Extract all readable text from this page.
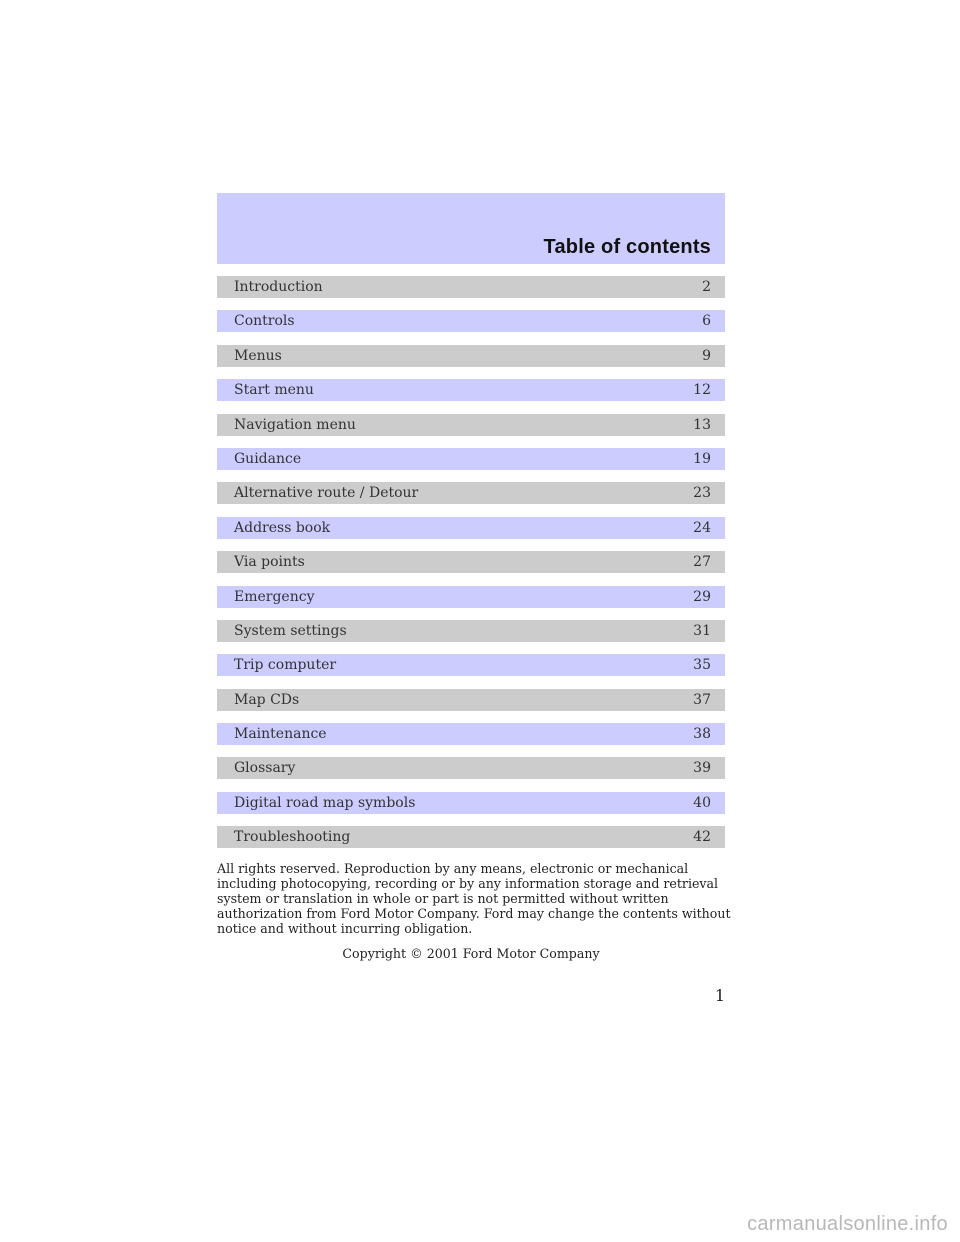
Table of contents
Introduction	2
Controls	6
Menus	9
Start menu	12
Navigation menu	13
Guidance	19
Alternative route / Detour	23
Address book	24
Via points	27
Emergency	29
System settings	31
Trip computer	35
Map CDs	37
Maintenance	38
Glossary	39
Digital road map symbols	40
Troubleshooting	42

All rights reserved. Reproduction by any means, electronic or mechanical including photocopying, recording or by any information storage and retrieval system or translation in whole or part is not permitted without written authorization from Ford Motor Company. Ford may change the contents without notice and without incurring obligation.

Copyright © 2001 Ford Motor Company
1
carmanualsonline.info
